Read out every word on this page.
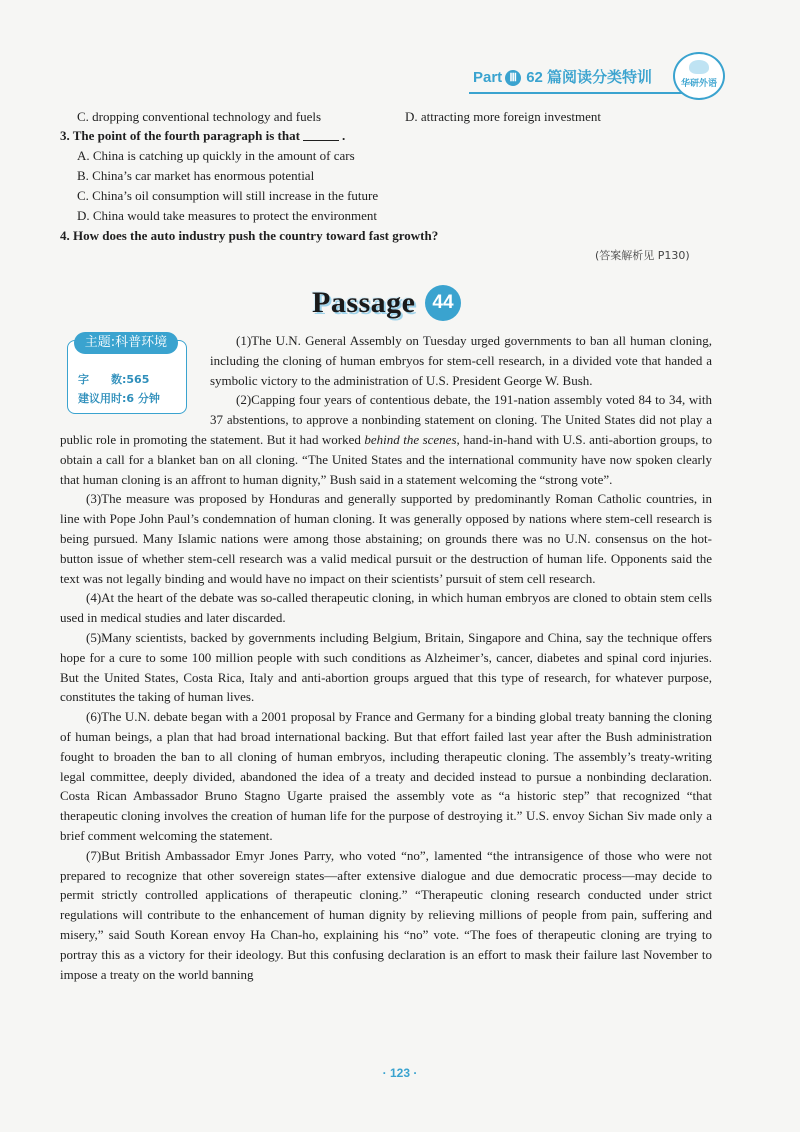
Part Ⅲ 62 篇阅读分类特训	华研外语
C. dropping conventional technology and fuels	D. attracting more foreign investment
3. The point of the fourth paragraph is that	.
A. China is catching up quickly in the amount of cars
B. China’s car market has enormous potential
C. China’s oil consumption will still increase in the future
D. China would take measures to protect the environment
4. How does the auto industry push the country toward fast growth?
(答案解析见 P130)
Passage 44
主题:科普环境
字　　数:565
建议用时:6 分钟

(1)The U.N. General Assembly on Tuesday urged governments to ban all human cloning, including the cloning of human embryos for stem-cell research, in a divided vote that handed a symbolic victory to the administration of U.S. President George W. Bush.

(2)Capping four years of contentious debate, the 191-nation assembly voted 84 to 34, with 37 abstentions, to approve a nonbinding statement on cloning. The United States did not play a public role in promoting the statement. But it had worked behind the scenes, hand-in-hand with U.S. anti-abortion groups, to obtain a call for a blanket ban on all cloning. “The United States and the international community have now spoken clearly that human cloning is an affront to human dignity,” Bush said in a statement welcoming the “strong vote”.

(3)The measure was proposed by Honduras and generally supported by predominantly Roman Catholic countries, in line with Pope John Paul’s condemnation of human cloning. It was generally opposed by nations where stem-cell research is being pursued. Many Islamic nations were among those abstaining; on grounds there was no U.N. consensus on the hot-button issue of whether stem-cell research was a valid medical pursuit or the destruction of human life. Opponents said the text was not legally binding and would have no impact on their scientists’ pursuit of stem cell research.

(4)At the heart of the debate was so-called therapeutic cloning, in which human embryos are cloned to obtain stem cells used in medical studies and later discarded.

(5)Many scientists, backed by governments including Belgium, Britain, Singapore and China, say the technique offers hope for a cure to some 100 million people with such conditions as Alzheimer’s, cancer, diabetes and spinal cord injuries. But the United States, Costa Rica, Italy and anti-abortion groups argued that this type of research, for whatever purpose, constitutes the taking of human lives.

(6)The U.N. debate began with a 2001 proposal by France and Germany for a binding global treaty banning the cloning of human beings, a plan that had broad international backing. But that effort failed last year after the Bush administration fought to broaden the ban to all cloning of human embryos, including therapeutic cloning. The assembly’s treaty-writing legal committee, deeply divided, abandoned the idea of a treaty and decided instead to pursue a nonbinding declaration. Costa Rican Ambassador Bruno Stagno Ugarte praised the assembly vote as “a historic step” that recognized “that therapeutic cloning involves the creation of human life for the purpose of destroying it.” U.S. envoy Sichan Siv made only a brief comment welcoming the statement.

(7)But British Ambassador Emyr Jones Parry, who voted “no”, lamented “the intransigence of those who were not prepared to recognize that other sovereign states—after extensive dialogue and due democratic process—may decide to permit strictly controlled applications of therapeutic cloning.” “Therapeutic cloning research conducted under strict regulations will contribute to the enhancement of human dignity by relieving millions of people from pain, suffering and misery,” said South Korean envoy Ha Chan-ho, explaining his “no” vote. “The foes of therapeutic cloning are trying to portray this as a victory for their ideology. But this confusing declaration is an effort to mask their failure last November to impose a treaty on the world banning

· 123 ·
